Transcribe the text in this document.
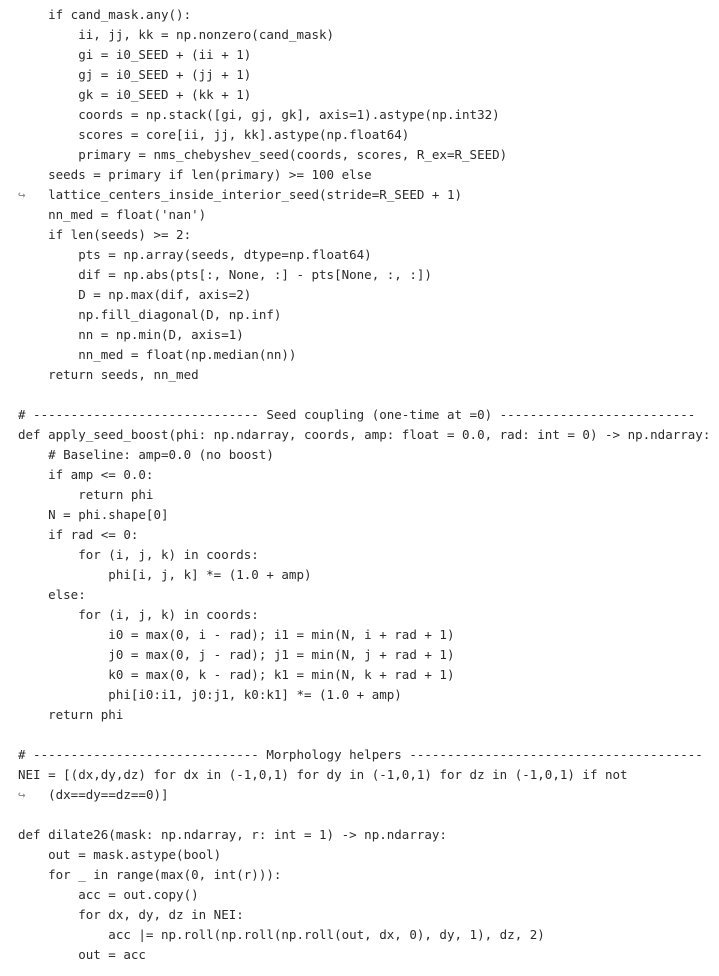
if cand_mask.any():
ii, jj, kk = np.nonzero(cand_mask)
gi = i0_SEED + (ii + 1)
gj = i0_SEED + (jj + 1)
gk = i0_SEED + (kk + 1)
coords = np.stack([gi, gj, gk], axis=1).astype(np.int32)
scores = core[ii, jj, kk].astype(np.float64)
primary = nms_chebyshev_seed(coords, scores, R_ex=R_SEED)
seeds = primary if len(primary) >= 100 else
↪   lattice_centers_inside_interior_seed(stride=R_SEED + 1)
nn_med = float('nan')
if len(seeds) >= 2:
pts = np.array(seeds, dtype=np.float64)
dif = np.abs(pts[:, None, :] - pts[None, :, :])
D = np.max(dif, axis=2)
np.fill_diagonal(D, np.inf)
nn = np.min(D, axis=1)
nn_med = float(np.median(nn))
return seeds, nn_med
# ------------------------------ Seed coupling (one-time at =0) --------------------------
def apply_seed_boost(phi: np.ndarray, coords, amp: float = 0.0, rad: int = 0) -> np.ndarray:
# Baseline: amp=0.0 (no boost)
if amp <= 0.0:
return phi
N = phi.shape[0]
if rad <= 0:
for (i, j, k) in coords:
phi[i, j, k] *= (1.0 + amp)
else:
for (i, j, k) in coords:
i0 = max(0, i - rad); i1 = min(N, i + rad + 1)
j0 = max(0, j - rad); j1 = min(N, j + rad + 1)
k0 = max(0, k - rad); k1 = min(N, k + rad + 1)
phi[i0:i1, j0:j1, k0:k1] *= (1.0 + amp)
return phi
# ------------------------------ Morphology helpers ---------------------------------------
NEI = [(dx,dy,dz) for dx in (-1,0,1) for dy in (-1,0,1) for dz in (-1,0,1) if not
↪   (dx==dy==dz==0)]
def dilate26(mask: np.ndarray, r: int = 1) -> np.ndarray:
out = mask.astype(bool)
for _ in range(max(0, int(r))):
acc = out.copy()
for dx, dy, dz in NEI:
acc |= np.roll(np.roll(np.roll(out, dx, 0), dy, 1), dz, 2)
out = acc
